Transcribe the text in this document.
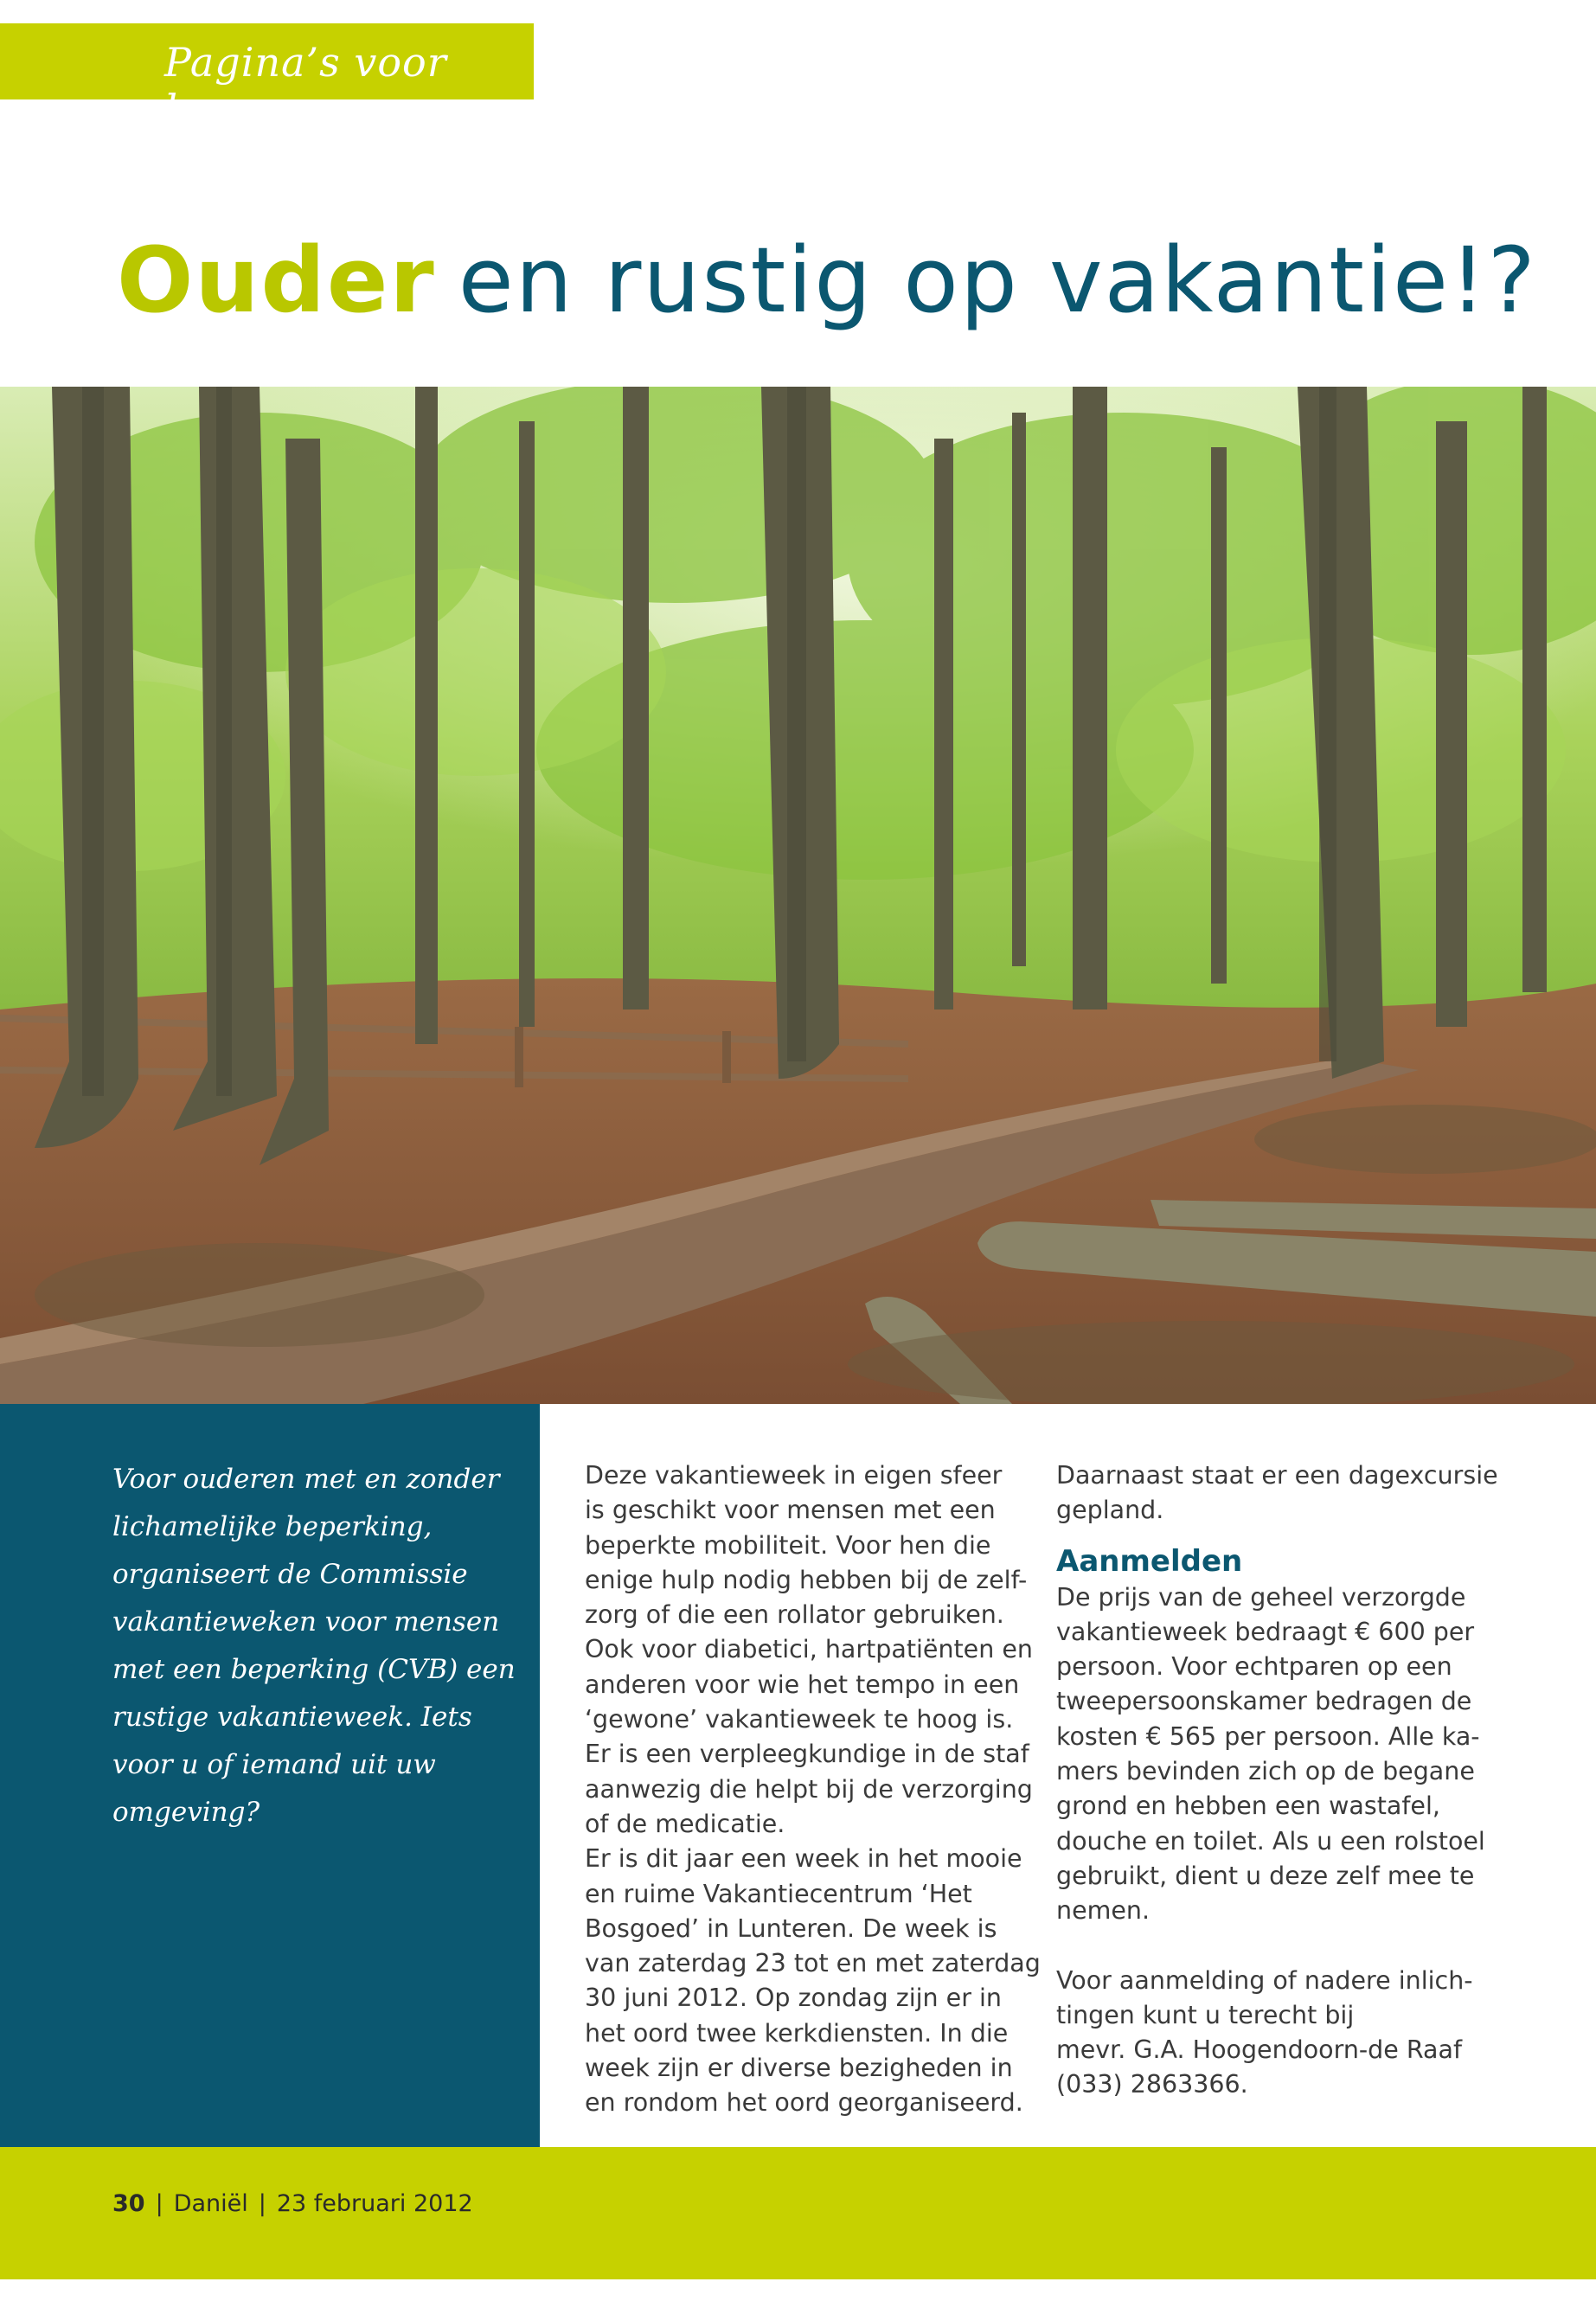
Pagina’s voor haar
Ouder en rustig op vakantie!?

Voor ouderen met en zonder lichamelijke beperking, organiseert de Commissie vakantieweken voor mensen met een beperking (CVB) een rustige vakantieweek. Iets voor u of iemand uit uw omgeving?

Deze vakantieweek in eigen sfeer
is geschikt voor mensen met een
beperkte mobiliteit. Voor hen die
enige hulp nodig hebben bij de zelf-
zorg of die een rollator gebruiken.
Ook voor diabetici, hartpatiënten en
anderen voor wie het tempo in een
‘gewone’ vakantieweek te hoog is.
Er is een verpleegkundige in de staf
aanwezig die helpt bij de verzorging
of de medicatie.
Er is dit jaar een week in het mooie
en ruime Vakantiecentrum ‘Het
Bosgoed’ in Lunteren. De week is
van zaterdag 23 tot en met zaterdag
30 juni 2012. Op zondag zijn er in
het oord twee kerkdiensten. In die
week zijn er diverse bezigheden in
en rondom het oord georganiseerd.
Daarnaast staat er een dagexcursie
gepland.
Aanmelden
De prijs van de geheel verzorgde
vakantieweek bedraagt € 600 per
persoon. Voor echtparen op een
tweepersoonskamer bedragen de
kosten € 565 per persoon. Alle ka-
mers bevinden zich op de begane
grond en hebben een wastafel,
douche en toilet. Als u een rolstoel
gebruikt, dient u deze zelf mee te
nemen.
Voor aanmelding of nadere inlich-
tingen kunt u terecht bij
mevr. G.A. Hoogendoorn-de Raaf
(033) 2863366.
30 | Daniël | 23 februari 2012
